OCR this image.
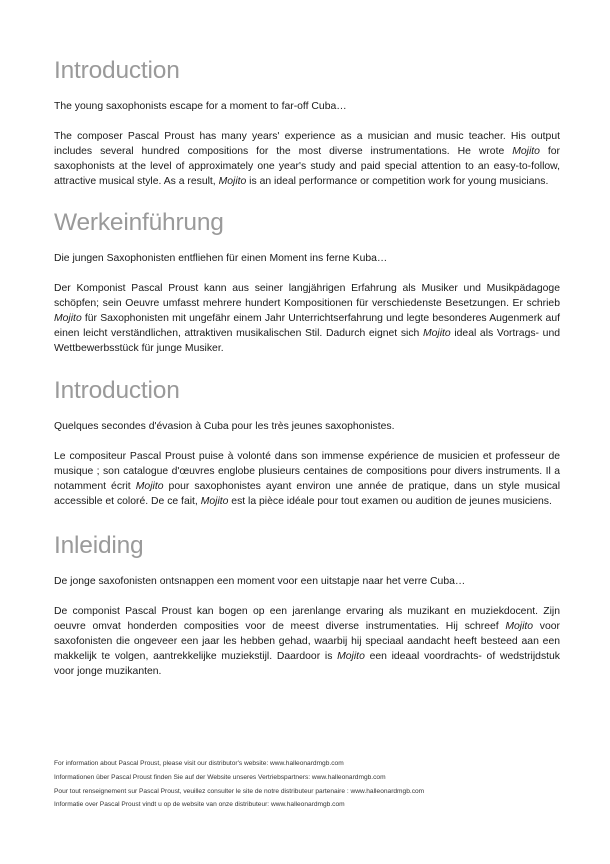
Introduction

The young saxophonists escape for a moment to far-off Cuba…

The composer Pascal Proust has many years' experience as a musician and music teacher. His output includes several hundred compositions for the most diverse instrumentations. He wrote Mojito for saxophonists at the level of approximately one year's study and paid special attention to an easy-to-follow, attractive musical style. As a result, Mojito is an ideal performance or competition work for young musicians.

Werkeinführung

Die jungen Saxophonisten entfliehen für einen Moment ins ferne Kuba…

Der Komponist Pascal Proust kann aus seiner langjährigen Erfahrung als Musiker und Musikpädagoge schöpfen; sein Oeuvre umfasst mehrere hundert Kompositionen für verschiedenste Besetzungen. Er schrieb Mojito für Saxophonisten mit ungefähr einem Jahr Unterrichtserfahrung und legte besonderes Augenmerk auf einen leicht verständlichen, attraktiven musikalischen Stil. Dadurch eignet sich Mojito ideal als Vortrags- und Wettbewerbsstück für junge Musiker.

Introduction

Quelques secondes d'évasion à Cuba pour les très jeunes saxophonistes.

Le compositeur Pascal Proust puise à volonté dans son immense expérience de musicien et professeur de musique ; son catalogue d'œuvres englobe plusieurs centaines de compositions pour divers instruments. Il a notamment écrit Mojito pour saxophonistes ayant environ une année de pratique, dans un style musical accessible et coloré. De ce fait, Mojito est la pièce idéale pour tout examen ou audition de jeunes musiciens.

Inleiding

De jonge saxofonisten ontsnappen een moment voor een uitstapje naar het verre Cuba…

De componist Pascal Proust kan bogen op een jarenlange ervaring als muzikant en muziekdocent. Zijn oeuvre omvat honderden composities voor de meest diverse instrumentaties. Hij schreef Mojito voor saxofonisten die ongeveer een jaar les hebben gehad, waarbij hij speciaal aandacht heeft besteed aan een makkelijk te volgen, aantrekkelijke muziekstijl. Daardoor is Mojito een ideaal voordrachts- of wedstrijdstuk voor jonge muzikanten.

For information about Pascal Proust, please visit our distributor's website: www.halleonardmgb.com
Informationen über Pascal Proust finden Sie auf der Website unseres Vertriebspartners: www.halleonardmgb.com
Pour tout renseignement sur Pascal Proust, veuillez consulter le site de notre distributeur partenaire : www.halleonardmgb.com
Informatie over Pascal Proust vindt u op de website van onze distributeur: www.halleonardmgb.com
